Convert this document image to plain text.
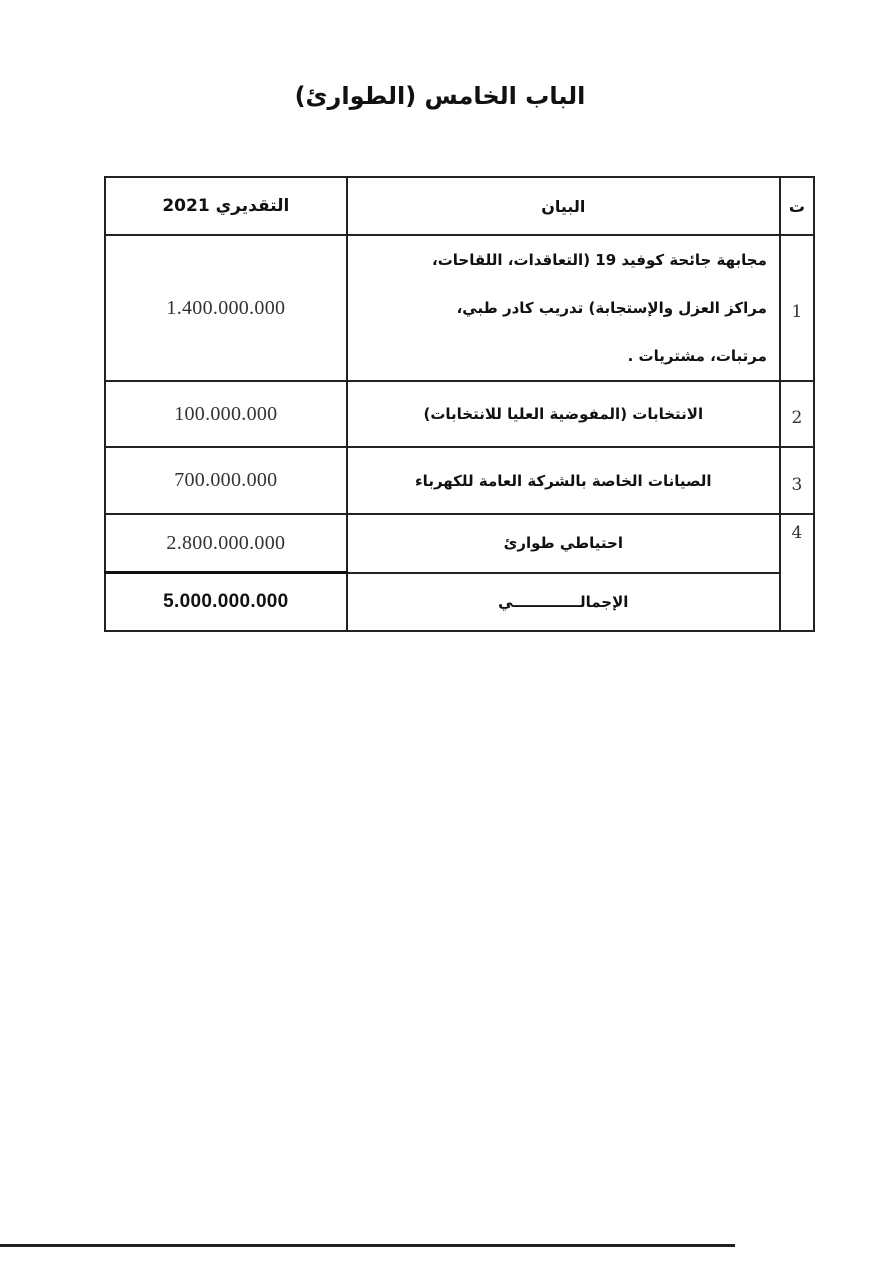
الباب الخامس (الطوارئ)
ت	البيان	التقديري 2021
1	مجابهة جائحة كوفيد 19 (التعاقدات، اللقاحات،
مراكز العزل والإستجابة) تدريب كادر طبي،
مرتبات، مشتريات .	1.400.000.000
2	الانتخابات (المفوضية العليا للانتخابات)	100.000.000
3	الصيانات الخاصة بالشركة العامة للكهرباء	700.000.000
4	احتياطي طوارئ	2.800.000.000
	الإجمالـــــــــــــي	5.000.000.000
